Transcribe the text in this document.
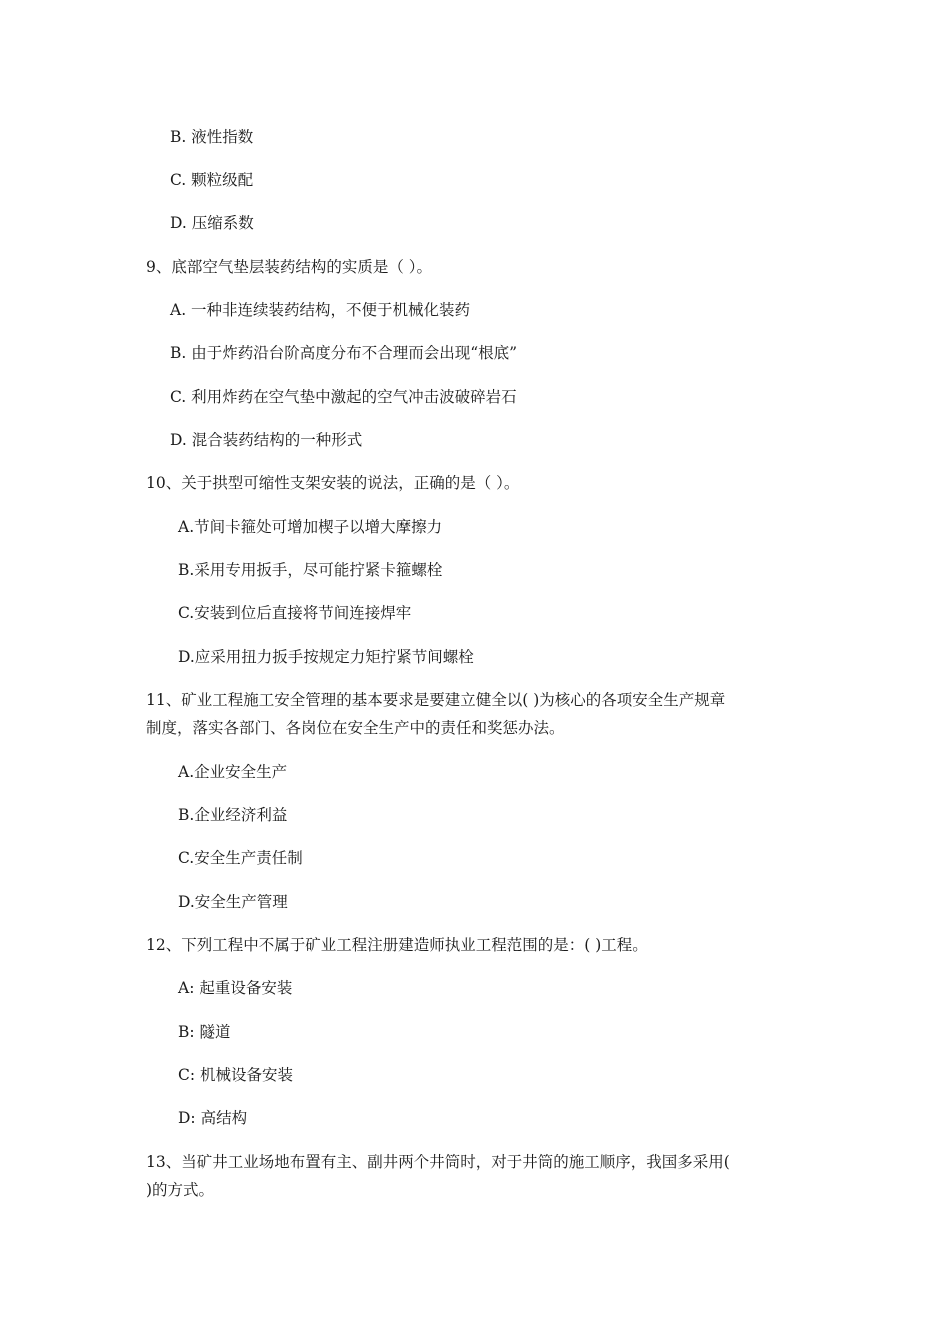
B. 液性指数
C. 颗粒级配
D. 压缩系数
9、底部空气垫层装药结构的实质是（ ）。
A. 一种非连续装药结构，不便于机械化装药
B. 由于炸药沿台阶高度分布不合理而会出现“根底”
C. 利用炸药在空气垫中激起的空气冲击波破碎岩石
D. 混合装药结构的一种形式
10、关于拱型可缩性支架安装的说法，正确的是（ ）。
A.节间卡箍处可增加楔子以增大摩擦力
B.采用专用扳手，尽可能拧紧卡箍螺栓
C.安装到位后直接将节间连接焊牢
D.应采用扭力扳手按规定力矩拧紧节间螺栓
11、矿业工程施工安全管理的基本要求是要建立健全以( )为核心的各项安全生产规章
制度，落实各部门、各岗位在安全生产中的责任和奖惩办法。
A.企业安全生产
B.企业经济利益
C.安全生产责任制
D.安全生产管理
12、下列工程中不属于矿业工程注册建造师执业工程范围的是：( )工程。
A: 起重设备安装
B: 隧道
C: 机械设备安装
D: 高结构
13、当矿井工业场地布置有主、副井两个井筒时，对于井筒的施工顺序，我国多采用(
)的方式。
